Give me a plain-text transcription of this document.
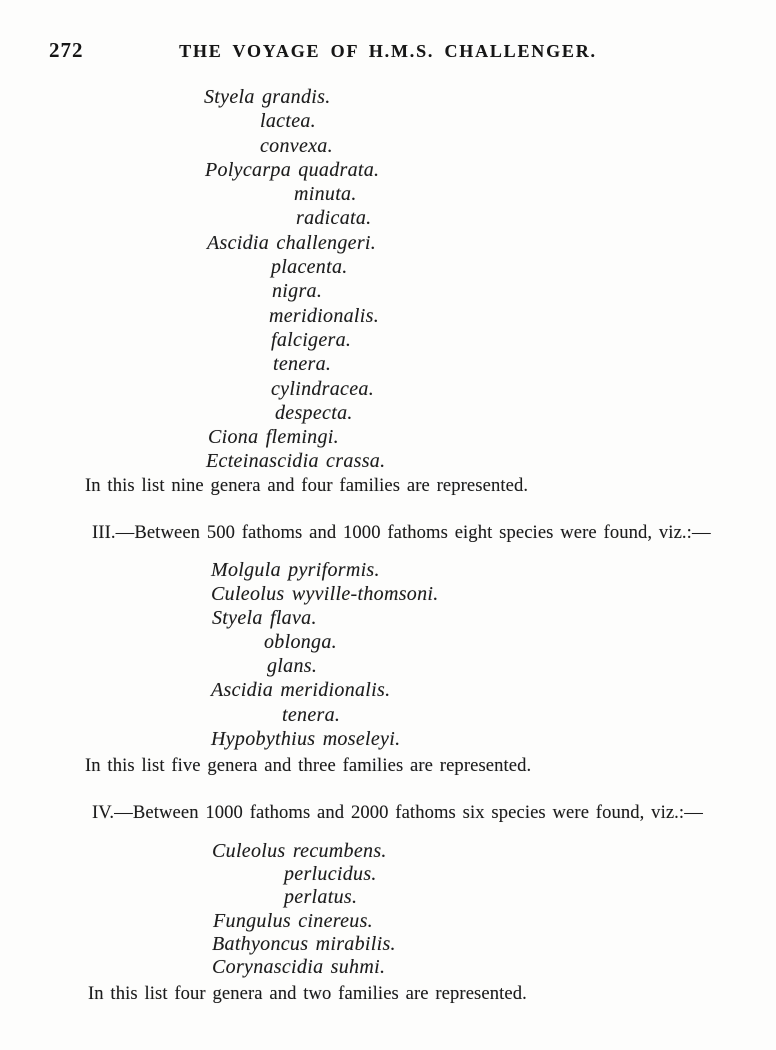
272	THE VOYAGE OF H.M.S. CHALLENGER.
Styela grandis.
lactea.
convexa.
Polycarpa quadrata.
minuta.
radicata.
Ascidia challengeri.
placenta.
nigra.
meridionalis.
falcigera.
tenera.
cylindracea.
despecta.
Ciona flemingi.
Ecteinascidia crassa.

In this list nine genera and four families are represented.

III.—Between 500 fathoms and 1000 fathoms eight species were found, viz.:—

Molgula pyriformis.
Culeolus wyville-thomsoni.
Styela flava.
oblonga.
glans.
Ascidia meridionalis.
tenera.
Hypobythius moseleyi.

In this list five genera and three families are represented.

IV.—Between 1000 fathoms and 2000 fathoms six species were found, viz.:—

Culeolus recumbens.
perlucidus.
perlatus.
Fungulus cinereus.
Bathyoncus mirabilis.
Corynascidia suhmi.

In this list four genera and two families are represented.
